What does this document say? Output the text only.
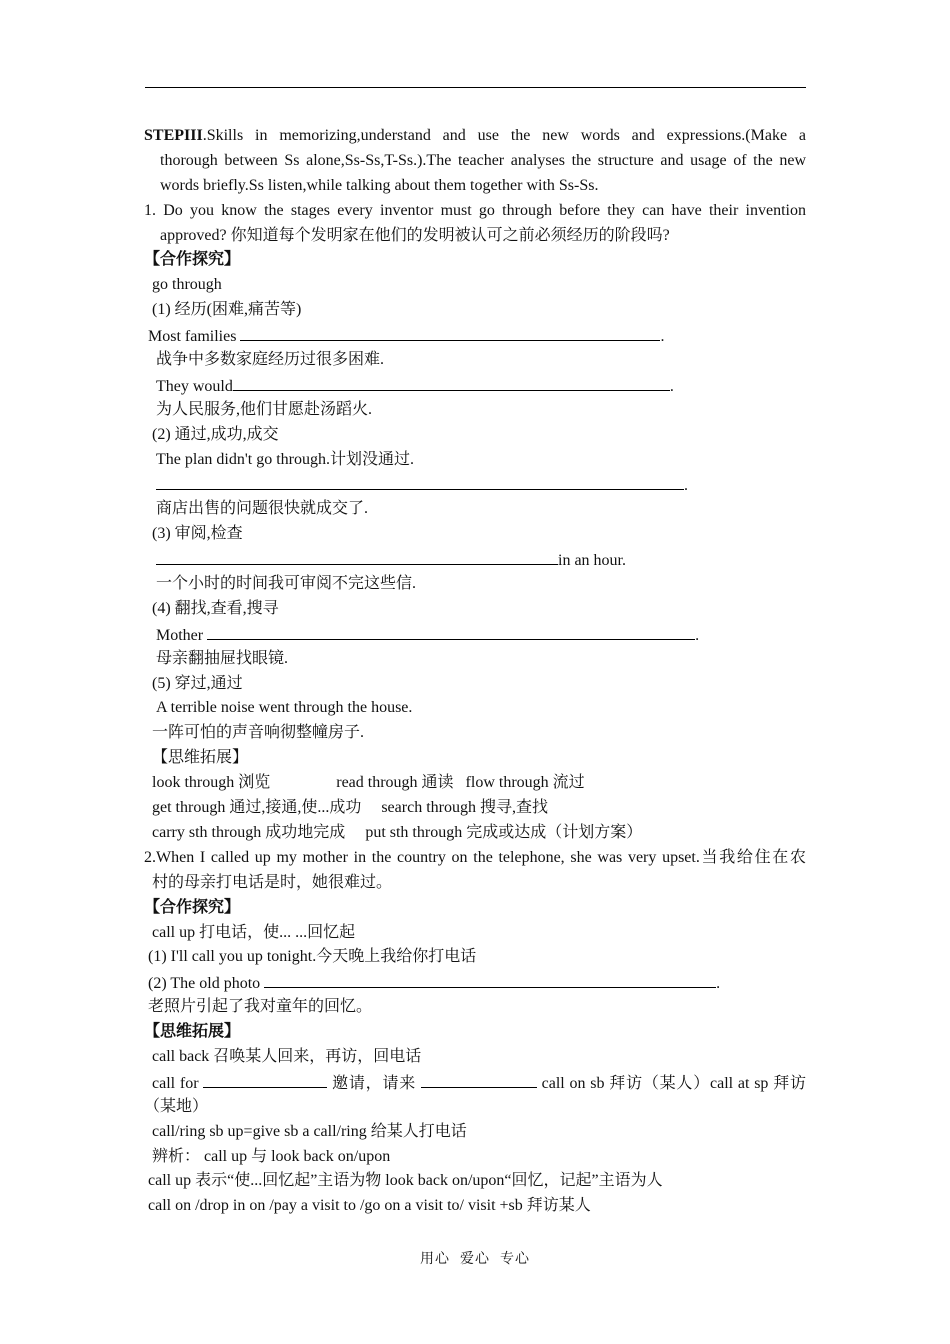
STEPIII.Skills in memorizing,understand and use the new words and expressions.(Make a
thorough between Ss alone,Ss-Ss,T-Ss.).The teacher analyses the structure and usage of the new
words briefly.Ss listen,while talking about them together with Ss-Ss.
1. Do you know the stages every inventor must go through before they can have their invention
approved? 你知道每个发明家在他们的发明被认可之前必须经历的阶段吗?
【合作探究】
go through
(1) 经历(困难,痛苦等)
Most families	.
战争中多数家庭经历过很多困难.
They would	.
为人民服务,他们甘愿赴汤蹈火.
(2) 通过,成功,成交
The plan didn't go through.计划没通过.
.
商店出售的问题很快就成交了.
(3) 审阅,检查
in an hour.
一个小时的时间我可审阅不完这些信.
(4) 翻找,查看,搜寻
Mother	.
母亲翻抽屉找眼镜.
(5) 穿过,通过
A terrible noise went through the house.
一阵可怕的声音响彻整幢房子.
【思维拓展】
look through 浏览	read through 通读 flow through 流过
get through 通过,接通,使...成功 search through 搜寻,查找
carry sth through 成功地完成 put sth through 完成或达成（计划方案）
2.When I called up my mother in the country on the telephone, she was very upset.当我给住在农
村的母亲打电话是时，她很难过。
【合作探究】
call up 打电话，使... ...回忆起
(1) I'll call you up tonight.今天晚上我给你打电话
(2) The old photo	.
老照片引起了我对童年的回忆。
【思维拓展】
call back 召唤某人回来，再访，回电话
call for	邀请，请来	call on sb 拜访（某人）call at sp 拜访
（某地）
call/ring sb up=give sb a call/ring 给某人打电话
辨析： call up 与 look back on/upon
call up 表示“使...回忆起”主语为物 look back on/upon“回忆，记起”主语为人
call on /drop in on /pay a visit to /go on a visit to/ visit +sb 拜访某人
用心 爱心 专心
